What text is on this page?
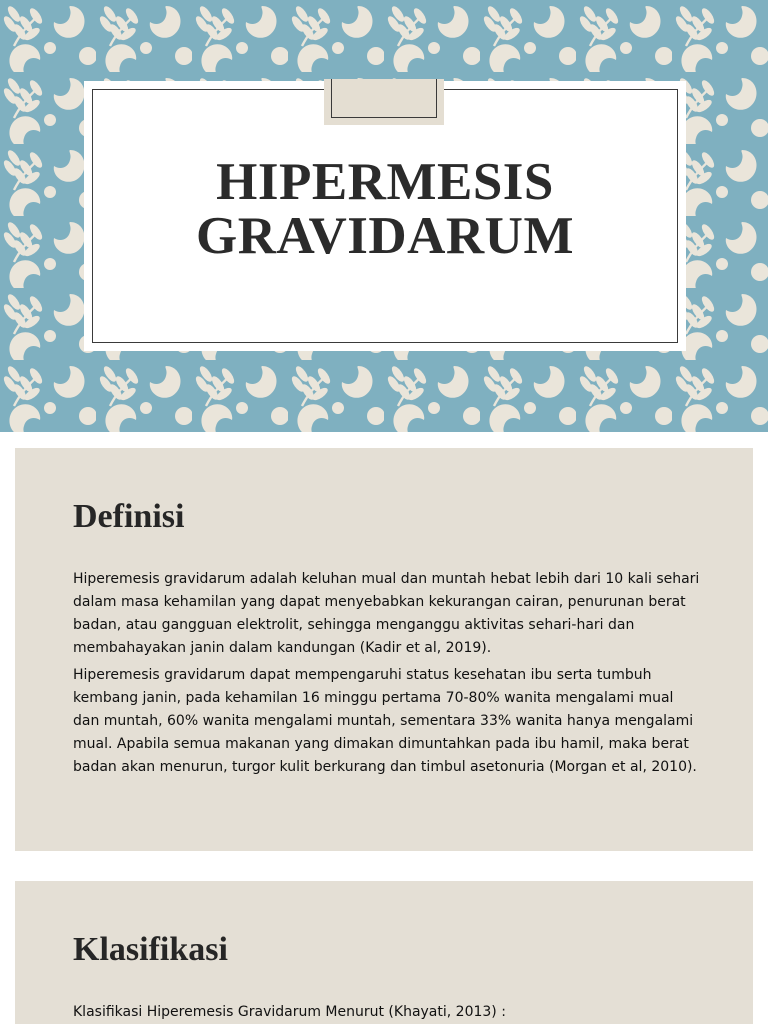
HIPERMESIS
GRAVIDARUM
Definisi

Hiperemesis gravidarum adalah keluhan mual dan muntah hebat lebih dari 10 kali sehari dalam masa kehamilan yang dapat menyebabkan kekurangan cairan, penurunan berat badan, atau gangguan elektrolit, sehingga menganggu aktivitas sehari-hari dan membahayakan janin dalam kandungan (Kadir et al, 2019).

Hiperemesis gravidarum dapat mempengaruhi status kesehatan ibu serta tumbuh kembang janin, pada kehamilan 16 minggu pertama 70-80% wanita mengalami mual dan muntah, 60% wanita mengalami muntah, sementara 33% wanita hanya mengalami mual. Apabila semua makanan yang dimakan dimuntahkan pada ibu hamil, maka berat badan akan menurun, turgor kulit berkurang dan timbul asetonuria (Morgan et al, 2010).

Klasifikasi

Klasifikasi Hiperemesis Gravidarum Menurut (Khayati, 2013) :
